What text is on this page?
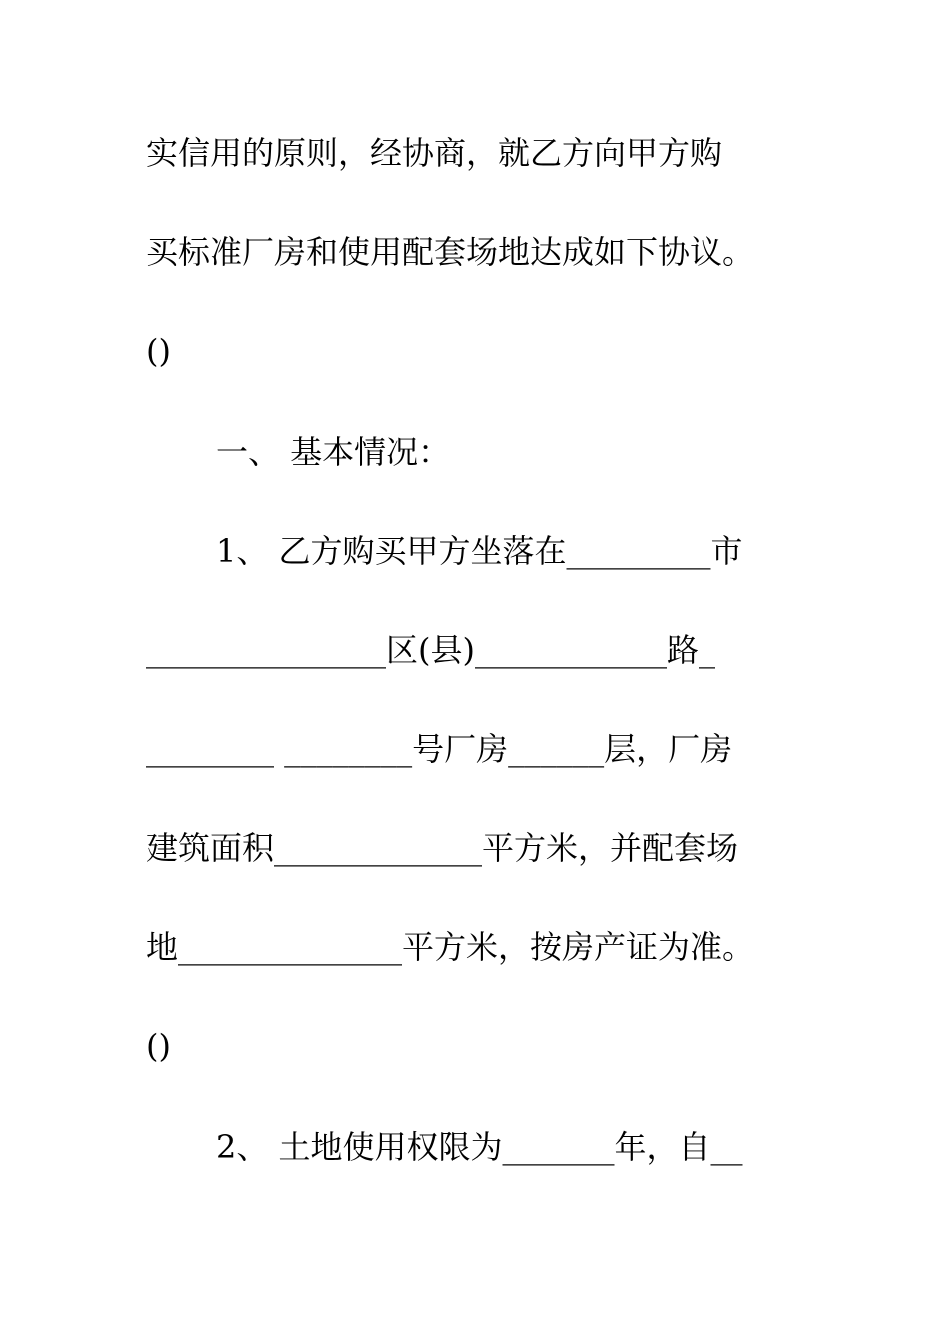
实信用的原则，经协商，就乙方向甲方购
买标准厂房和使用配套场地达成如下协议。
()
一、 基本情况：
1、 乙方购买甲方坐落在_________市
_______________区(县)____________路_
________ ________号厂房______层，厂房
建筑面积_____________平方米，并配套场
地______________平方米，按房产证为准。
()
2、 土地使用权限为_______年，自__
